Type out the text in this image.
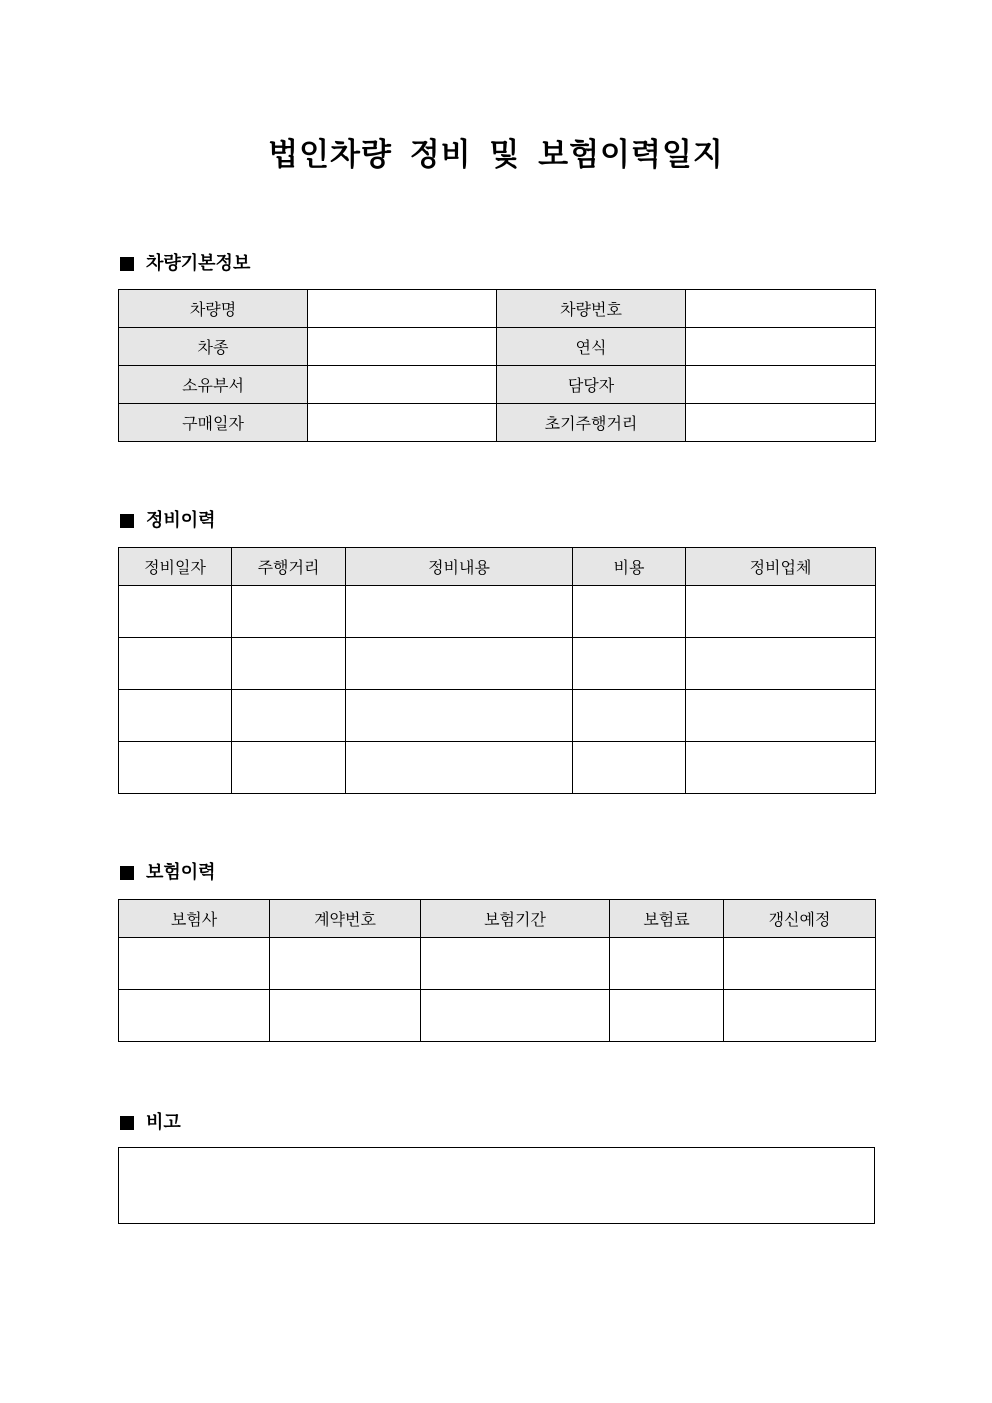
법인차량 정비 및 보험이력일지
차량기본정보
차량명		차량번호	
차종		연식	
소유부서		담당자	
구매일자		초기주행거리	
정비이력
정비일자	주행거리	정비내용	비용	정비업체

보험이력
보험사	계약번호	보험기간	보험료	갱신예정

비고
